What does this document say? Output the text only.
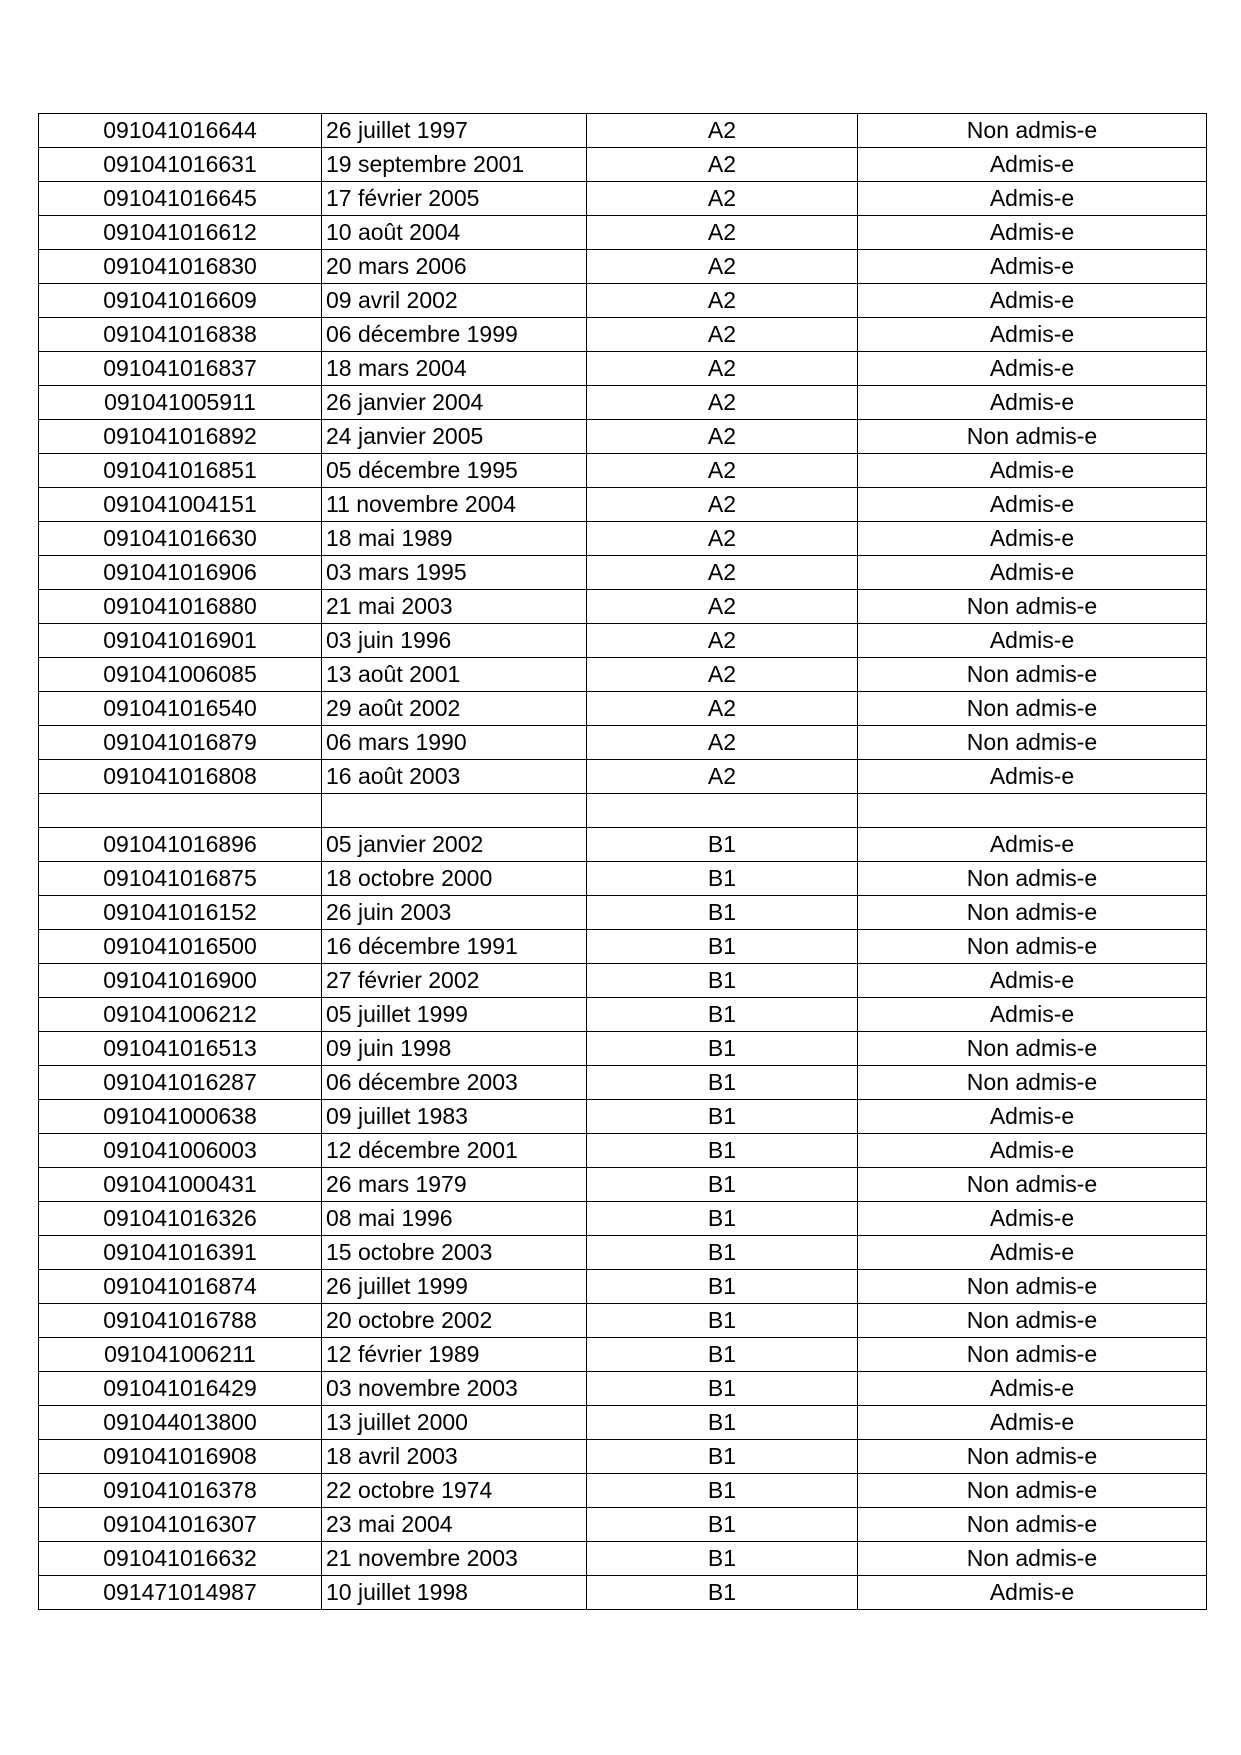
091041016644	26 juillet 1997	A2	Non admis-e
091041016631	19 septembre 2001	A2	Admis-e
091041016645	17 février 2005	A2	Admis-e
091041016612	10 août 2004	A2	Admis-e
091041016830	20 mars 2006	A2	Admis-e
091041016609	09 avril 2002	A2	Admis-e
091041016838	06 décembre 1999	A2	Admis-e
091041016837	18 mars 2004	A2	Admis-e
091041005911	26 janvier 2004	A2	Admis-e
091041016892	24 janvier 2005	A2	Non admis-e
091041016851	05 décembre 1995	A2	Admis-e
091041004151	11 novembre 2004	A2	Admis-e
091041016630	18 mai 1989	A2	Admis-e
091041016906	03 mars 1995	A2	Admis-e
091041016880	21 mai 2003	A2	Non admis-e
091041016901	03 juin 1996	A2	Admis-e
091041006085	13 août 2001	A2	Non admis-e
091041016540	29 août 2002	A2	Non admis-e
091041016879	06 mars 1990	A2	Non admis-e
091041016808	16 août 2003	A2	Admis-e

091041016896	05 janvier 2002	B1	Admis-e
091041016875	18 octobre 2000	B1	Non admis-e
091041016152	26 juin 2003	B1	Non admis-e
091041016500	16 décembre 1991	B1	Non admis-e
091041016900	27 février 2002	B1	Admis-e
091041006212	05 juillet 1999	B1	Admis-e
091041016513	09 juin 1998	B1	Non admis-e
091041016287	06 décembre 2003	B1	Non admis-e
091041000638	09 juillet 1983	B1	Admis-e
091041006003	12 décembre 2001	B1	Admis-e
091041000431	26 mars 1979	B1	Non admis-e
091041016326	08 mai 1996	B1	Admis-e
091041016391	15 octobre 2003	B1	Admis-e
091041016874	26 juillet 1999	B1	Non admis-e
091041016788	20 octobre 2002	B1	Non admis-e
091041006211	12 février 1989	B1	Non admis-e
091041016429	03 novembre 2003	B1	Admis-e
091044013800	13 juillet 2000	B1	Admis-e
091041016908	18 avril 2003	B1	Non admis-e
091041016378	22 octobre 1974	B1	Non admis-e
091041016307	23 mai 2004	B1	Non admis-e
091041016632	21 novembre 2003	B1	Non admis-e
091471014987	10 juillet 1998	B1	Admis-e
